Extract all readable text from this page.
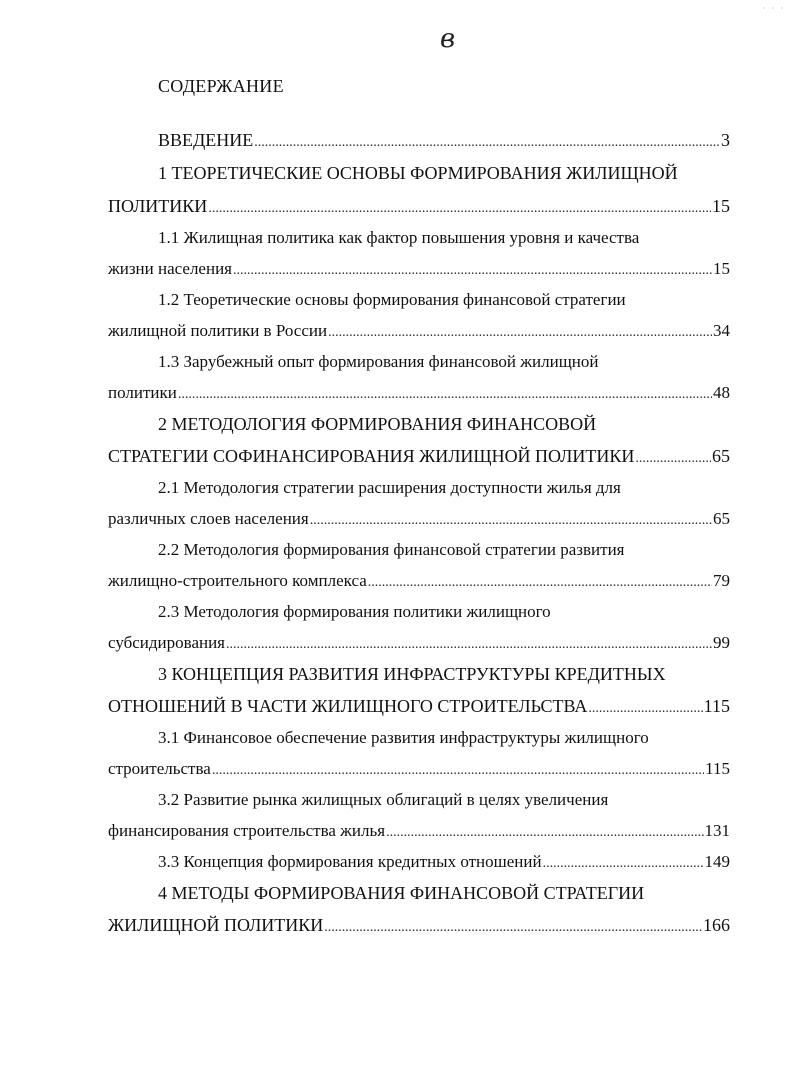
в
· · ·
СОДЕРЖАНИЕ
ВВЕДЕНИЕ .....	3
1 ТЕОРЕТИЧЕСКИЕ ОСНОВЫ ФОРМИРОВАНИЯ ЖИЛИЩНОЙ
ПОЛИТИКИ .....	15
1.1 Жилищная политика как фактор повышения уровня и качества
жизни населения .....	15
1.2 Теоретические основы формирования финансовой стратегии
жилищной политики в России .....	34
1.3 Зарубежный опыт формирования финансовой жилищной
политики .....	48
2 МЕТОДОЛОГИЯ ФОРМИРОВАНИЯ ФИНАНСОВОЙ
СТРАТЕГИИ СОФИНАНСИРОВАНИЯ ЖИЛИЩНОЙ ПОЛИТИКИ .....	65
2.1 Методология стратегии расширения доступности жилья для
различных слоев населения .....	65
2.2 Методология формирования финансовой стратегии развития
жилищно-строительного комплекса .....	79
2.3 Методология формирования политики жилищного
субсидирования .....	99
3 КОНЦЕПЦИЯ РАЗВИТИЯ ИНФРАСТРУКТУРЫ КРЕДИТНЫХ
ОТНОШЕНИЙ В ЧАСТИ ЖИЛИЩНОГО СТРОИТЕЛЬСТВА .....	115
3.1 Финансовое обеспечение развития инфраструктуры жилищного
строительства .....	115
3.2 Развитие рынка жилищных облигаций в целях увеличения
финансирования строительства жилья .....	131
3.3 Концепция формирования кредитных отношений .....	149
4 МЕТОДЫ ФОРМИРОВАНИЯ ФИНАНСОВОЙ СТРАТЕГИИ
ЖИЛИЩНОЙ ПОЛИТИКИ .....	166
